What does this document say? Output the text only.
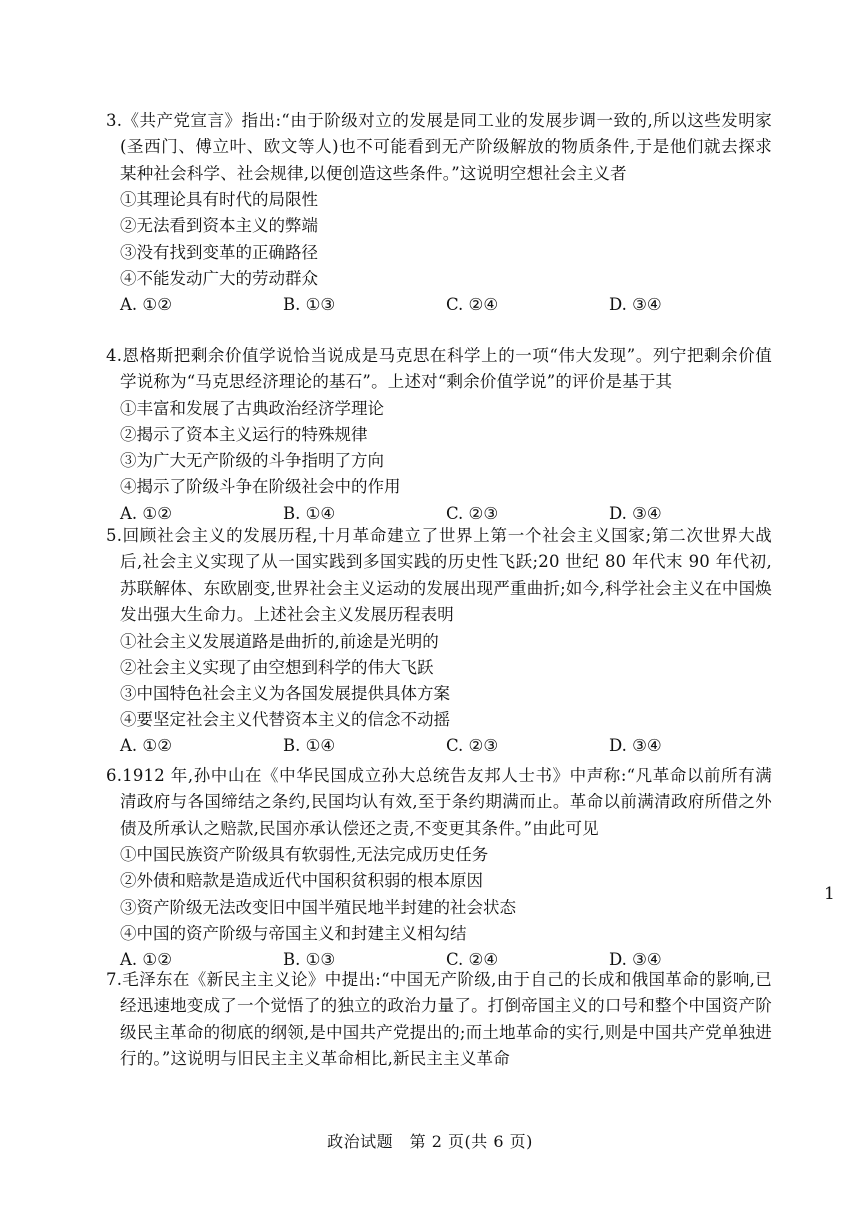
3.《共产党宣言》指出:“由于阶级对立的发展是同工业的发展步调一致的,所以这些发明家(圣西门、傅立叶、欧文等人)也不可能看到无产阶级解放的物质条件,于是他们就去探求某种社会科学、社会规律,以便创造这些条件。”这说明空想社会主义者
①其理论具有时代的局限性
②无法看到资本主义的弊端
③没有找到变革的正确路径
④不能发动广大的劳动群众
A. ①②	B. ①③	C. ②④	D. ③④
4.恩格斯把剩余价值学说恰当说成是马克思在科学上的一项“伟大发现”。列宁把剩余价值学说称为“马克思经济理论的基石”。上述对“剩余价值学说”的评价是基于其
①丰富和发展了古典政治经济学理论
②揭示了资本主义运行的特殊规律
③为广大无产阶级的斗争指明了方向
④揭示了阶级斗争在阶级社会中的作用
A. ①②	B. ①④	C. ②③	D. ③④
5.回顾社会主义的发展历程,十月革命建立了世界上第一个社会主义国家;第二次世界大战后,社会主义实现了从一国实践到多国实践的历史性飞跃;20 世纪 80 年代末 90 年代初,苏联解体、东欧剧变,世界社会主义运动的发展出现严重曲折;如今,科学社会主义在中国焕发出强大生命力。上述社会主义发展历程表明
①社会主义发展道路是曲折的,前途是光明的
②社会主义实现了由空想到科学的伟大飞跃
③中国特色社会主义为各国发展提供具体方案
④要坚定社会主义代替资本主义的信念不动摇
A. ①②	B. ①④	C. ②③	D. ③④
6.1912 年,孙中山在《中华民国成立孙大总统告友邦人士书》中声称:“凡革命以前所有满清政府与各国缔结之条约,民国均认有效,至于条约期满而止。革命以前满清政府所借之外债及所承认之赔款,民国亦承认偿还之责,不变更其条件。”由此可见
①中国民族资产阶级具有软弱性,无法完成历史任务
②外债和赔款是造成近代中国积贫积弱的根本原因
③资产阶级无法改变旧中国半殖民地半封建的社会状态
④中国的资产阶级与帝国主义和封建主义相勾结
A. ①②	B. ①③	C. ②④	D. ③④
7.毛泽东在《新民主主义论》中提出:“中国无产阶级,由于自己的长成和俄国革命的影响,已经迅速地变成了一个觉悟了的独立的政治力量了。打倒帝国主义的口号和整个中国资产阶级民主革命的彻底的纲领,是中国共产党提出的;而土地革命的实行,则是中国共产党单独进行的。”这说明与旧民主主义革命相比,新民主主义革命
1
政治试题　第 2 页(共 6 页)
